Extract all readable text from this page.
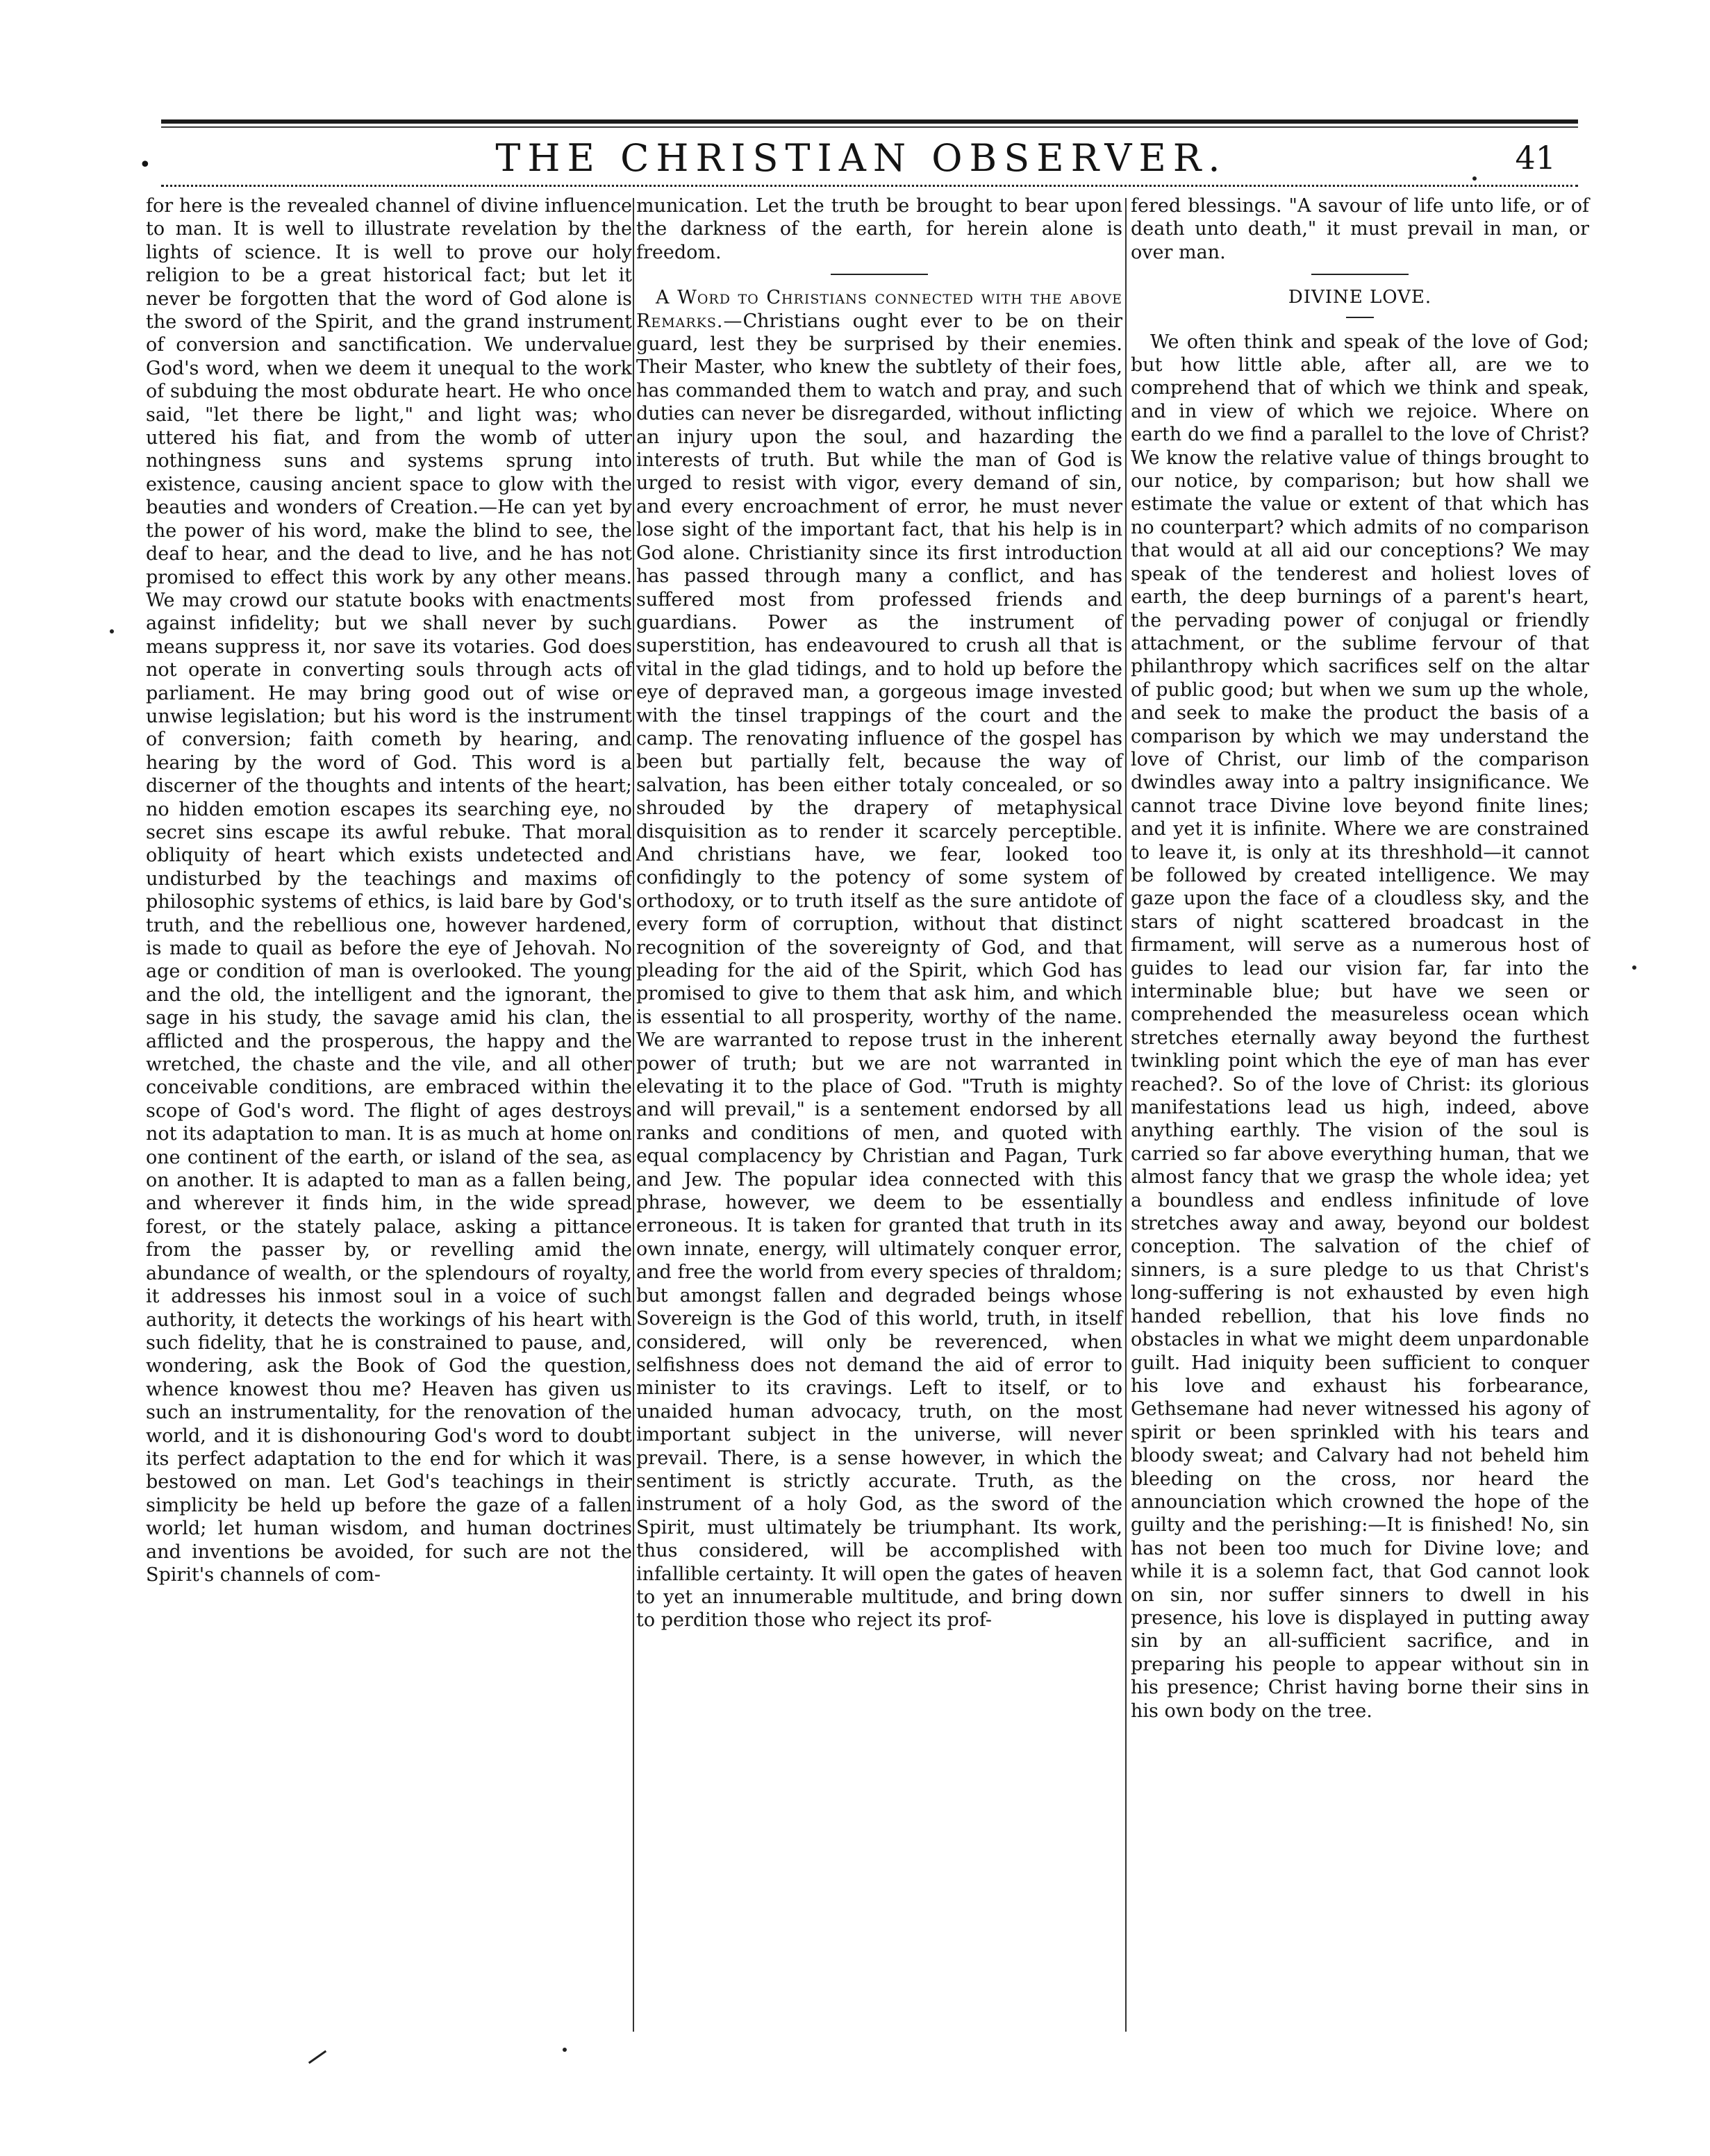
•	THE CHRISTIAN OBSERVER.	41

for here is the revealed channel of divine influence to man. It is well to illustrate revelation by the lights of science. It is well to prove our holy religion to be a great historical fact; but let it never be forgotten that the word of God alone is the sword of the Spirit, and the grand instrument of conversion and sanctification. We undervalue God's word, when we deem it unequal to the work of subduing the most obdurate heart. He who once said, "let there be light," and light was; who uttered his fiat, and from the womb of utter nothingness suns and systems sprung into existence, causing ancient space to glow with the beauties and wonders of Creation.—He can yet by the power of his word, make the blind to see, the deaf to hear, and the dead to live, and he has not promised to effect this work by any other means. We may crowd our statute books with enactments against infidelity; but we shall never by such means suppress it, nor save its votaries. God does not operate in converting souls through acts of parliament. He may bring good out of wise or unwise legislation; but his word is the instrument of conversion; faith cometh by hearing, and hearing by the word of God. This word is a discerner of the thoughts and intents of the heart; no hidden emotion escapes its searching eye, no secret sins escape its awful rebuke. That moral obliquity of heart which exists undetected and undisturbed by the teachings and maxims of philosophic systems of ethics, is laid bare by God's truth, and the rebellious one, however hardened, is made to quail as before the eye of Jehovah. No age or condition of man is overlooked. The young and the old, the intelligent and the ignorant, the sage in his study, the savage amid his clan, the afflicted and the prosperous, the happy and the wretched, the chaste and the vile, and all other conceivable conditions, are embraced within the scope of God's word. The flight of ages destroys not its adaptation to man. It is as much at home on one continent of the earth, or island of the sea, as on another. It is adapted to man as a fallen being, and wherever it finds him, in the wide spread forest, or the stately palace, asking a pittance from the passer by, or revelling amid the abundance of wealth, or the splendours of royalty, it addresses his inmost soul in a voice of such authority, it detects the workings of his heart with such fidelity, that he is constrained to pause, and, wondering, ask the Book of God the question, whence knowest thou me? Heaven has given us such an instrumentality, for the renovation of the world, and it is dishonouring God's word to doubt its perfect adaptation to the end for which it was bestowed on man. Let God's teachings in their simplicity be held up before the gaze of a fallen world; let human wisdom, and human doctrines and inventions be avoided, for such are not the Spirit's channels of com-

munication. Let the truth be brought to bear upon the darkness of the earth, for herein alone is freedom.

A Word to Christians connected with the above Remarks.—Christians ought ever to be on their guard, lest they be surprised by their enemies. Their Master, who knew the subtlety of their foes, has commanded them to watch and pray, and such duties can never be disregarded, without inflicting an injury upon the soul, and hazarding the interests of truth. But while the man of God is urged to resist with vigor, every demand of sin, and every encroachment of error, he must never lose sight of the important fact, that his help is in God alone. Christianity since its first introduction has passed through many a conflict, and has suffered most from professed friends and guardians. Power as the instrument of superstition, has endeavoured to crush all that is vital in the glad tidings, and to hold up before the eye of depraved man, a gorgeous image invested with the tinsel trappings of the court and the camp. The renovating influence of the gospel has been but partially felt, because the way of salvation, has been either totaly concealed, or so shrouded by the drapery of metaphysical disquisition as to render it scarcely perceptible. And christians have, we fear, looked too confidingly to the potency of some system of orthodoxy, or to truth itself as the sure antidote of every form of corruption, without that distinct recognition of the sovereignty of God, and that pleading for the aid of the Spirit, which God has promised to give to them that ask him, and which is essential to all prosperity, worthy of the name. We are warranted to repose trust in the inherent power of truth; but we are not warranted in elevating it to the place of God. "Truth is mighty and will prevail," is a sentement endorsed by all ranks and conditions of men, and quoted with equal complacency by Christian and Pagan, Turk and Jew. The popular idea connected with this phrase, however, we deem to be essentially erroneous. It is taken for granted that truth in its own innate, energy, will ultimately conquer error, and free the world from every species of thraldom; but amongst fallen and degraded beings whose Sovereign is the God of this world, truth, in itself considered, will only be reverenced, when selfishness does not demand the aid of error to minister to its cravings. Left to itself, or to unaided human advocacy, truth, on the most important subject in the universe, will never prevail. There, is a sense however, in which the sentiment is strictly accurate. Truth, as the instrument of a holy God, as the sword of the Spirit, must ultimately be triumphant. Its work, thus considered, will be accomplished with infallible certainty. It will open the gates of heaven to yet an innumerable multitude, and bring down to perdition those who reject its prof-

fered blessings. "A savour of life unto life, or of death unto death," it must prevail in man, or over man.

DIVINE LOVE.

We often think and speak of the love of God; but how little able, after all, are we to comprehend that of which we think and speak, and in view of which we rejoice. Where on earth do we find a parallel to the love of Christ? We know the relative value of things brought to our notice, by comparison; but how shall we estimate the value or extent of that which has no counterpart? which admits of no comparison that would at all aid our conceptions? We may speak of the tenderest and holiest loves of earth, the deep burnings of a parent's heart, the pervading power of conjugal or friendly attachment, or the sublime fervour of that philanthropy which sacrifices self on the altar of public good; but when we sum up the whole, and seek to make the product the basis of a comparison by which we may understand the love of Christ, our limb of the comparison dwindles away into a paltry insignificance. We cannot trace Divine love beyond finite lines; and yet it is infinite. Where we are constrained to leave it, is only at its threshhold—it cannot be followed by created intelligence. We may gaze upon the face of a cloudless sky, and the stars of night scattered broadcast in the firmament, will serve as a numerous host of guides to lead our vision far, far into the interminable blue; but have we seen or comprehended the measureless ocean which stretches eternally away beyond the furthest twinkling point which the eye of man has ever reached?. So of the love of Christ: its glorious manifestations lead us high, indeed, above anything earthly. The vision of the soul is carried so far above everything human, that we almost fancy that we grasp the whole idea; yet a boundless and endless infinitude of love stretches away and away, beyond our boldest conception. The salvation of the chief of sinners, is a sure pledge to us that Christ's long-suffering is not exhausted by even high handed rebellion, that his love finds no obstacles in what we might deem unpardonable guilt. Had iniquity been sufficient to conquer his love and exhaust his forbearance, Gethsemane had never witnessed his agony of spirit or been sprinkled with his tears and bloody sweat; and Calvary had not beheld him bleeding on the cross, nor heard the announciation which crowned the hope of the guilty and the perishing:—It is finished! No, sin has not been too much for Divine love; and while it is a solemn fact, that God cannot look on sin, nor suffer sinners to dwell in his presence, his love is displayed in putting away sin by an all-sufficient sacrifice, and in preparing his people to appear without sin in his presence; Christ having borne their sins in his own body on the tree.
